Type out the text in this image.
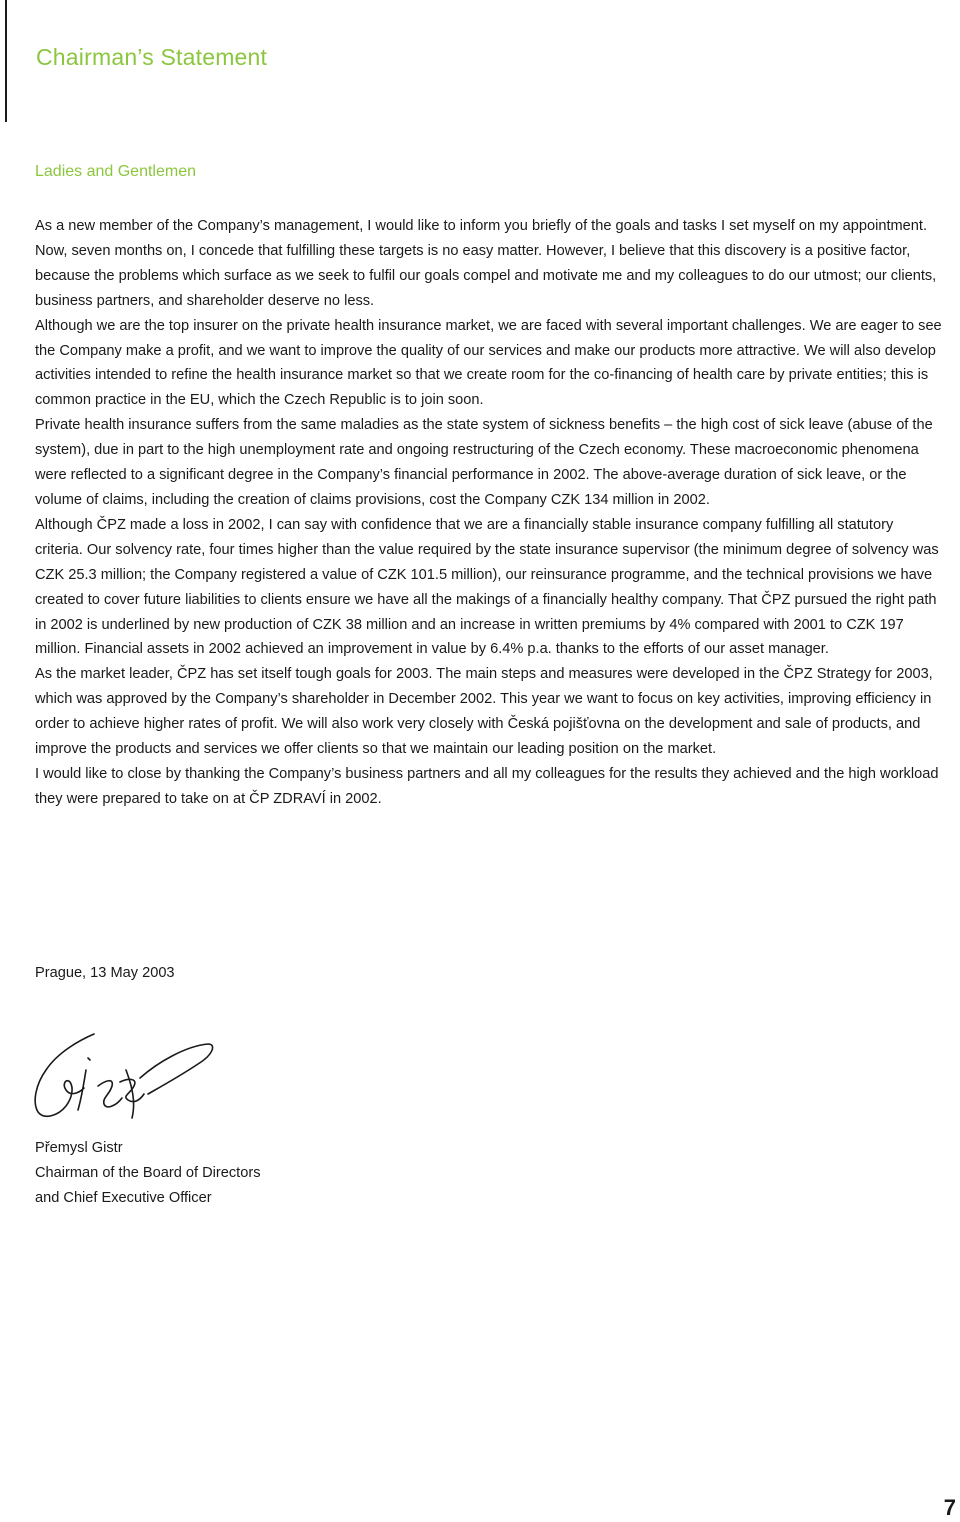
Chairman’s Statement
Ladies and Gentlemen

As a new member of the Company’s management, I would like to inform you briefly of the goals and tasks I set myself on my appointment. Now, seven months on, I concede that fulfilling these targets is no easy matter. However, I believe that this discovery is a positive factor, because the problems which surface as we seek to fulfil our goals compel and motivate me and my colleagues to do our utmost; our clients, business partners, and shareholder deserve no less.

Although we are the top insurer on the private health insurance market, we are faced with several important challenges. We are eager to see the Company make a profit, and we want to improve the quality of our services and make our products more attractive. We will also develop activities intended to refine the health insurance market so that we create room for the co-financing of health care by private entities; this is common practice in the EU, which the Czech Republic is to join soon.

Private health insurance suffers from the same maladies as the state system of sickness benefits – the high cost of sick leave (abuse of the system), due in part to the high unemployment rate and ongoing restructuring of the Czech economy. These macroeconomic phenomena were reflected to a significant degree in the Company’s financial performance in 2002. The above-average duration of sick leave, or the volume of claims, including the creation of claims provisions, cost the Company CZK 134 million in 2002.

Although ČPZ made a loss in 2002, I can say with confidence that we are a financially stable insurance company fulfilling all statutory criteria. Our solvency rate, four times higher than the value required by the state insurance supervisor (the minimum degree of solvency was CZK 25.3 million; the Company registered a value of CZK 101.5 million), our reinsurance programme, and the technical provisions we have created to cover future liabilities to clients ensure we have all the makings of a financially healthy company. That ČPZ pursued the right path in 2002 is underlined by new production of CZK 38 million and an increase in written premiums by 4% compared with 2001 to CZK 197 million. Financial assets in 2002 achieved an improvement in value by 6.4% p.a. thanks to the efforts of our asset manager.

As the market leader, ČPZ has set itself tough goals for 2003. The main steps and measures were developed in the ČPZ Strategy for 2003, which was approved by the Company’s shareholder in December 2002. This year we want to focus on key activities, improving efficiency in order to achieve higher rates of profit. We will also work very closely with Česká pojišťovna on the development and sale of products, and improve the products and services we offer clients so that we maintain our leading position on the market.

I would like to close by thanking the Company’s business partners and all my colleagues for the results they achieved and the high workload they were prepared to take on at ČP ZDRAVÍ in 2002.

Prague, 13 May 2003

Přemysl Gistr
Chairman of the Board of Directors
and Chief Executive Officer
7
